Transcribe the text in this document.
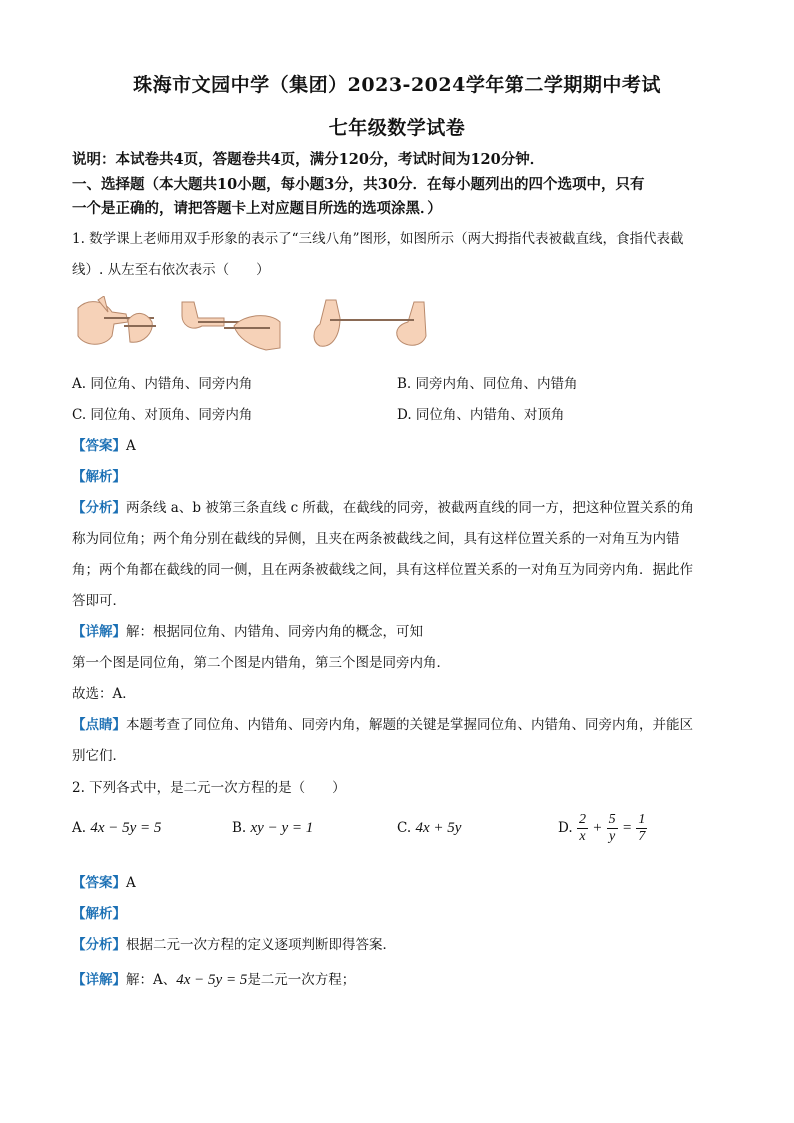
珠海市文园中学（集团）2023-2024学年第二学期期中考试
七年级数学试卷
说明：本试卷共4页，答题卷共4页，满分120分，考试时间为120分钟．
一、选择题（本大题共10小题，每小题3分，共30分．在每小题列出的四个选项中，只有
一个是正确的，请把答题卡上对应题目所选的选项涂黑．）
1. 数学课上老师用双手形象的表示了“三线八角”图形，如图所示（两大拇指代表被截直线，食指代表截
线）. 从左至右依次表示（　　）
A. 同位角、内错角、同旁内角	B. 同旁内角、同位角、内错角
C. 同位角、对顶角、同旁内角	D. 同位角、内错角、对顶角
【答案】A
【解析】
【分析】两条线 a、b 被第三条直线 c 所截，在截线的同旁，被截两直线的同一方，把这种位置关系的角
称为同位角；两个角分别在截线的异侧，且夹在两条被截线之间，具有这样位置关系的一对角互为内错
角；两个角都在截线的同一侧，且在两条被截线之间，具有这样位置关系的一对角互为同旁内角．据此作
答即可．
【详解】解：根据同位角、内错角、同旁内角的概念，可知
第一个图是同位角，第二个图是内错角，第三个图是同旁内角．
故选：A．
【点睛】本题考查了同位角、内错角、同旁内角，解题的关键是掌握同位角、内错角、同旁内角，并能区
别它们．
2. 下列各式中，是二元一次方程的是（　　）
A. 4x − 5y = 5	B. xy − y = 1	C. 4x + 5y	D. $\frac{2}{x} + \frac{5}{y} = \frac{1}{7}$
【答案】A
【解析】
【分析】根据二元一次方程的定义逐项判断即得答案．
【详解】解：A、4x − 5y = 5是二元一次方程；
